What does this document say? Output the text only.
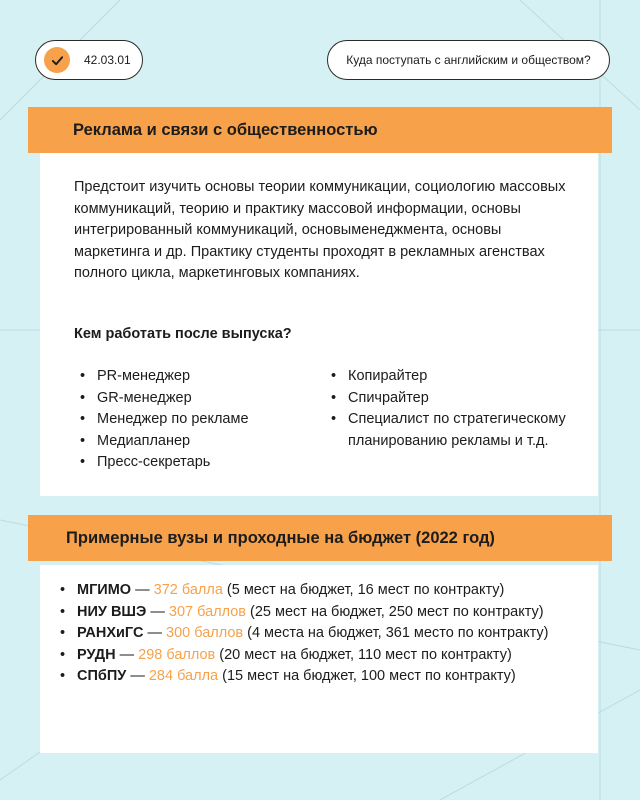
42.03.01	Куда поступать с английским и обществом?
Реклама и связи с общественностью

Предстоит изучить основы теории коммуникации, социологию массовых коммуникаций, теорию и практику массовой информации, основы интегрированный коммуникаций, основыменеджмента, основы маркетинга и др. Практику студенты проходят в рекламных агенствах полного цикла, маркетинговых компаниях.

Кем работать после выпуска?

• PR-менеджер
• GR-менеджер
• Менеджер по рекламе
• Медиапланер
• Пресс-секретарь
• Копирайтер
• Спичрайтер
• Специалист по стратегическому планированию рекламы и т.д.
Примерные вузы и проходные на бюджет (2022 год)
• МГИМО — 372 балла (5 мест на бюджет, 16 мест по контракту)
• НИУ ВШЭ — 307 баллов (25 мест на бюджет, 250 мест по контракту)
• РАНХиГС — 300 баллов (4 места на бюджет, 361 место по контракту)
• РУДН — 298 баллов (20 мест на бюджет, 110 мест по контракту)
• СПбПУ — 284 балла (15 мест на бюджет, 100 мест по контракту)
